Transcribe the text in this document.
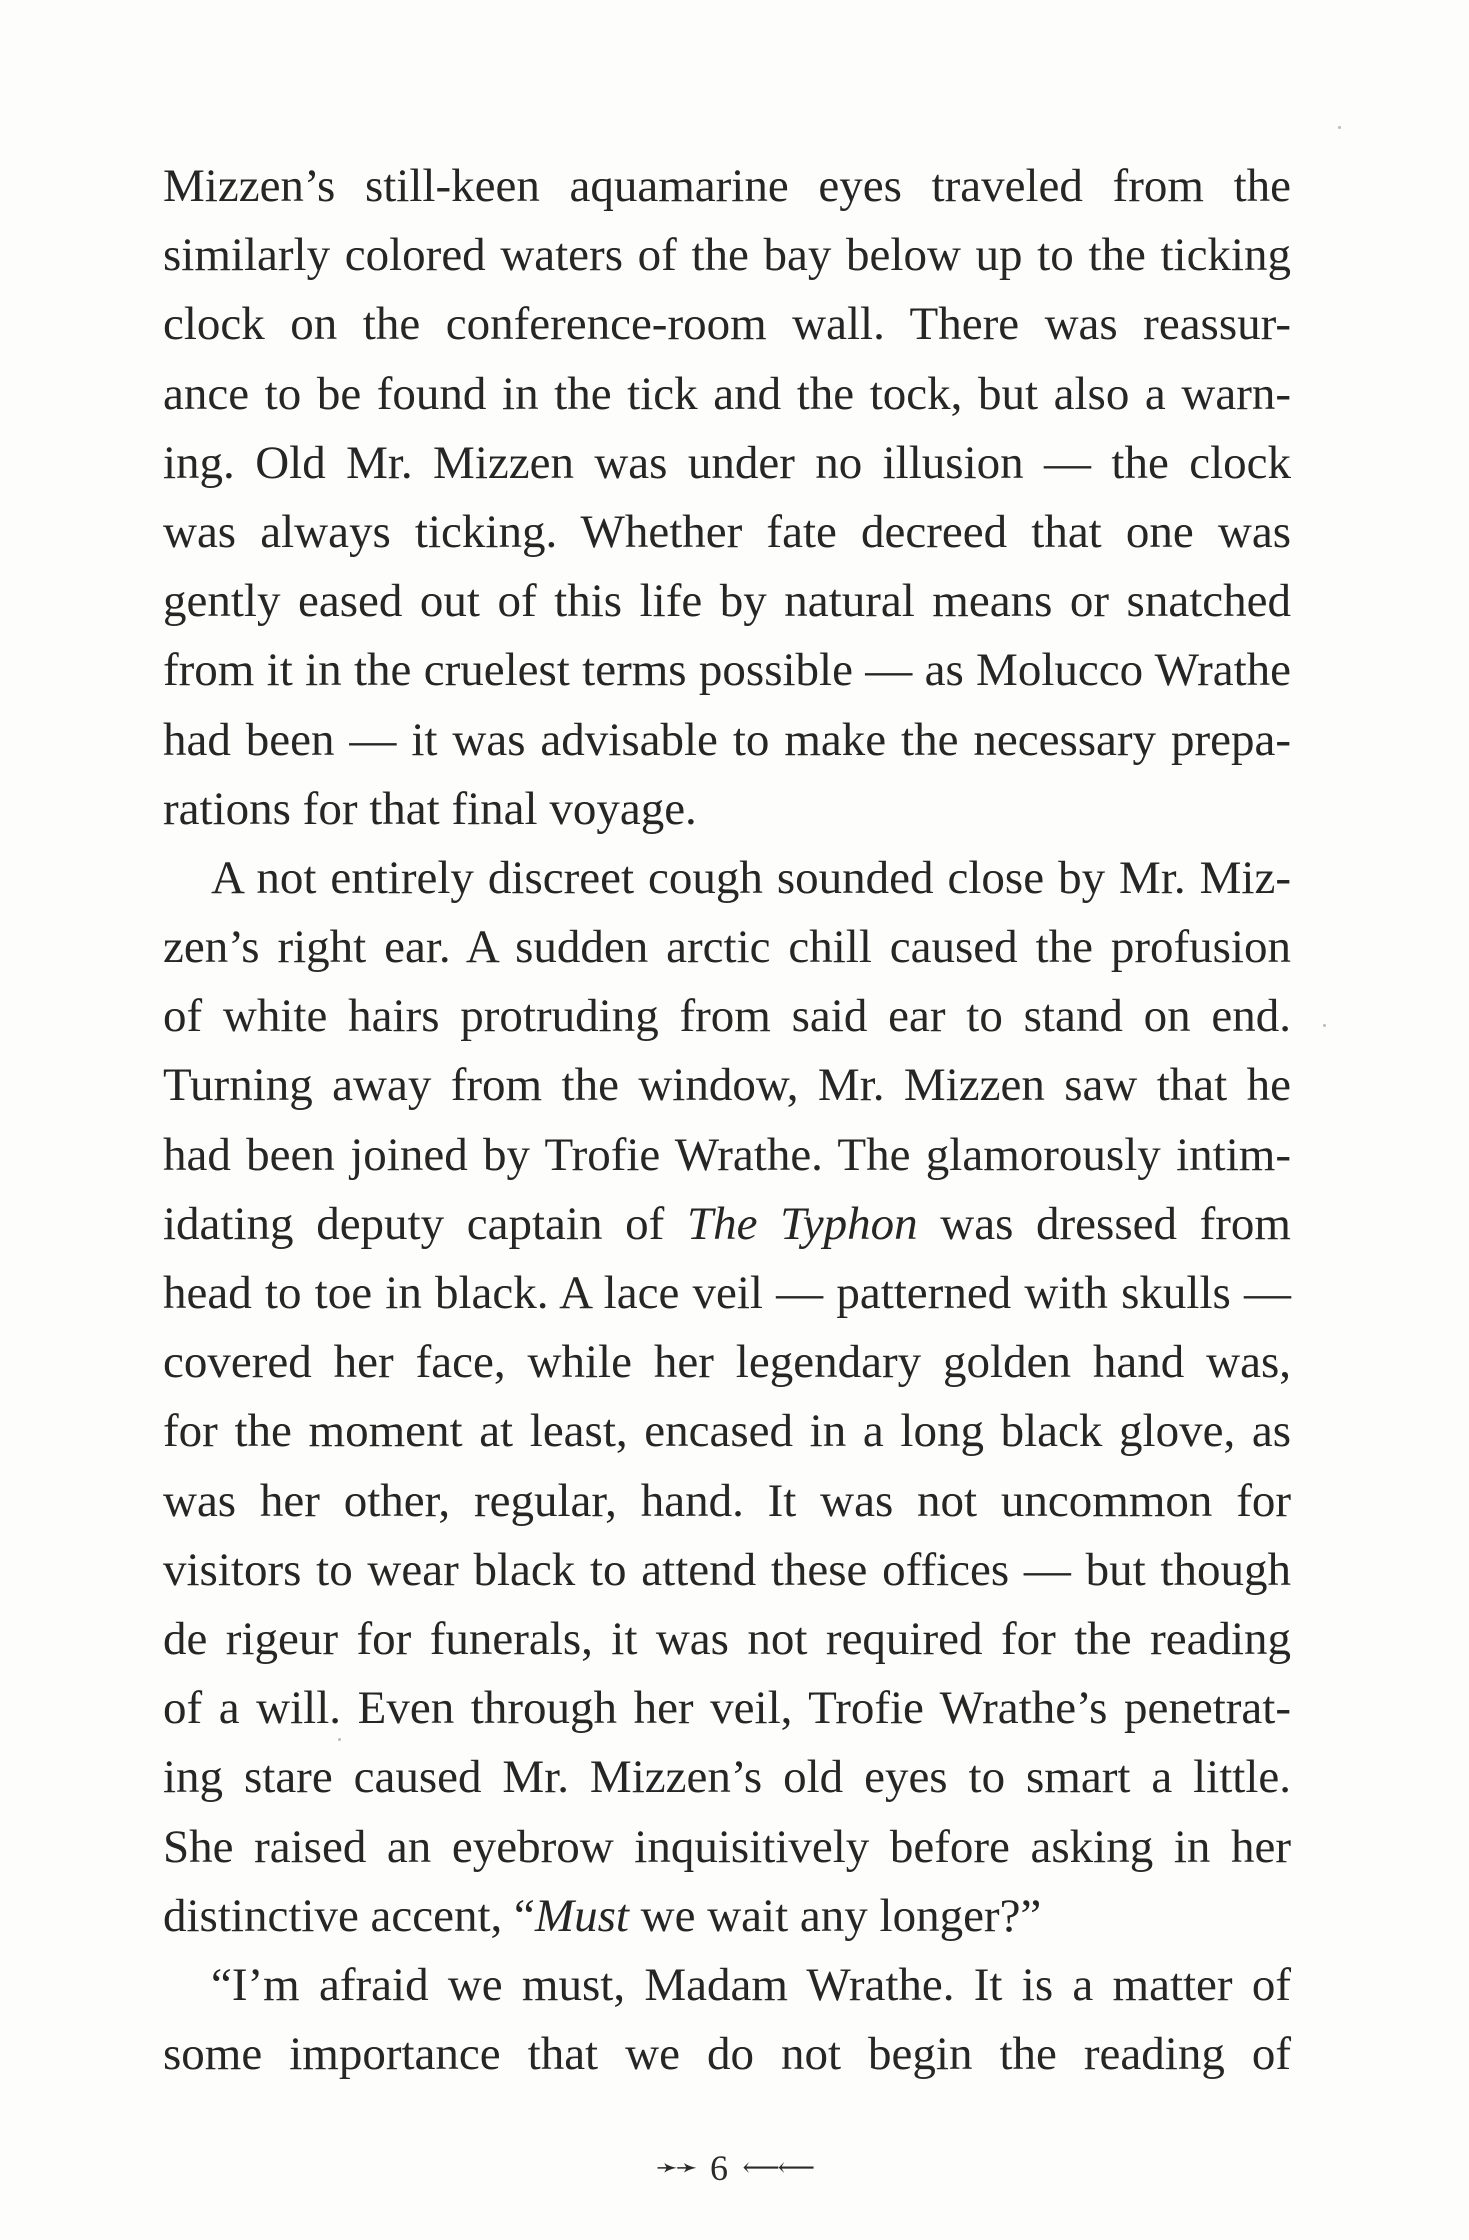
Mizzen’s still-keen aquamarine eyes traveled from the
similarly colored waters of the bay below up to the ticking
clock on the conference-room wall. There was reassur-
ance to be found in the tick and the tock, but also a warn-
ing. Old Mr. Mizzen was under no illusion — the clock
was always ticking. Whether fate decreed that one was
gently eased out of this life by natural means or snatched
from it in the cruelest terms possible — as Molucco Wrathe
had been — it was advisable to make the necessary prepa-
rations for that final voyage.
A not entirely discreet cough sounded close by Mr. Miz-
zen’s right ear. A sudden arctic chill caused the profusion
of white hairs protruding from said ear to stand on end.
Turning away from the window, Mr. Mizzen saw that he
had been joined by Trofie Wrathe. The glamorously intim-
idating deputy captain of The Typhon was dressed from
head to toe in black. A lace veil — patterned with skulls —
covered her face, while her legendary golden hand was,
for the moment at least, encased in a long black glove, as
was her other, regular, hand. It was not uncommon for
visitors to wear black to attend these offices — but though
de rigeur for funerals, it was not required for the reading
of a will. Even through her veil, Trofie Wrathe’s penetrat-
ing stare caused Mr. Mizzen’s old eyes to smart a little.
She raised an eyebrow inquisitively before asking in her
distinctive accent, “Must we wait any longer?”
“I’m afraid we must, Madam Wrathe. It is a matter of
some importance that we do not begin the reading of
➛➛ 6 ⟵⟵
